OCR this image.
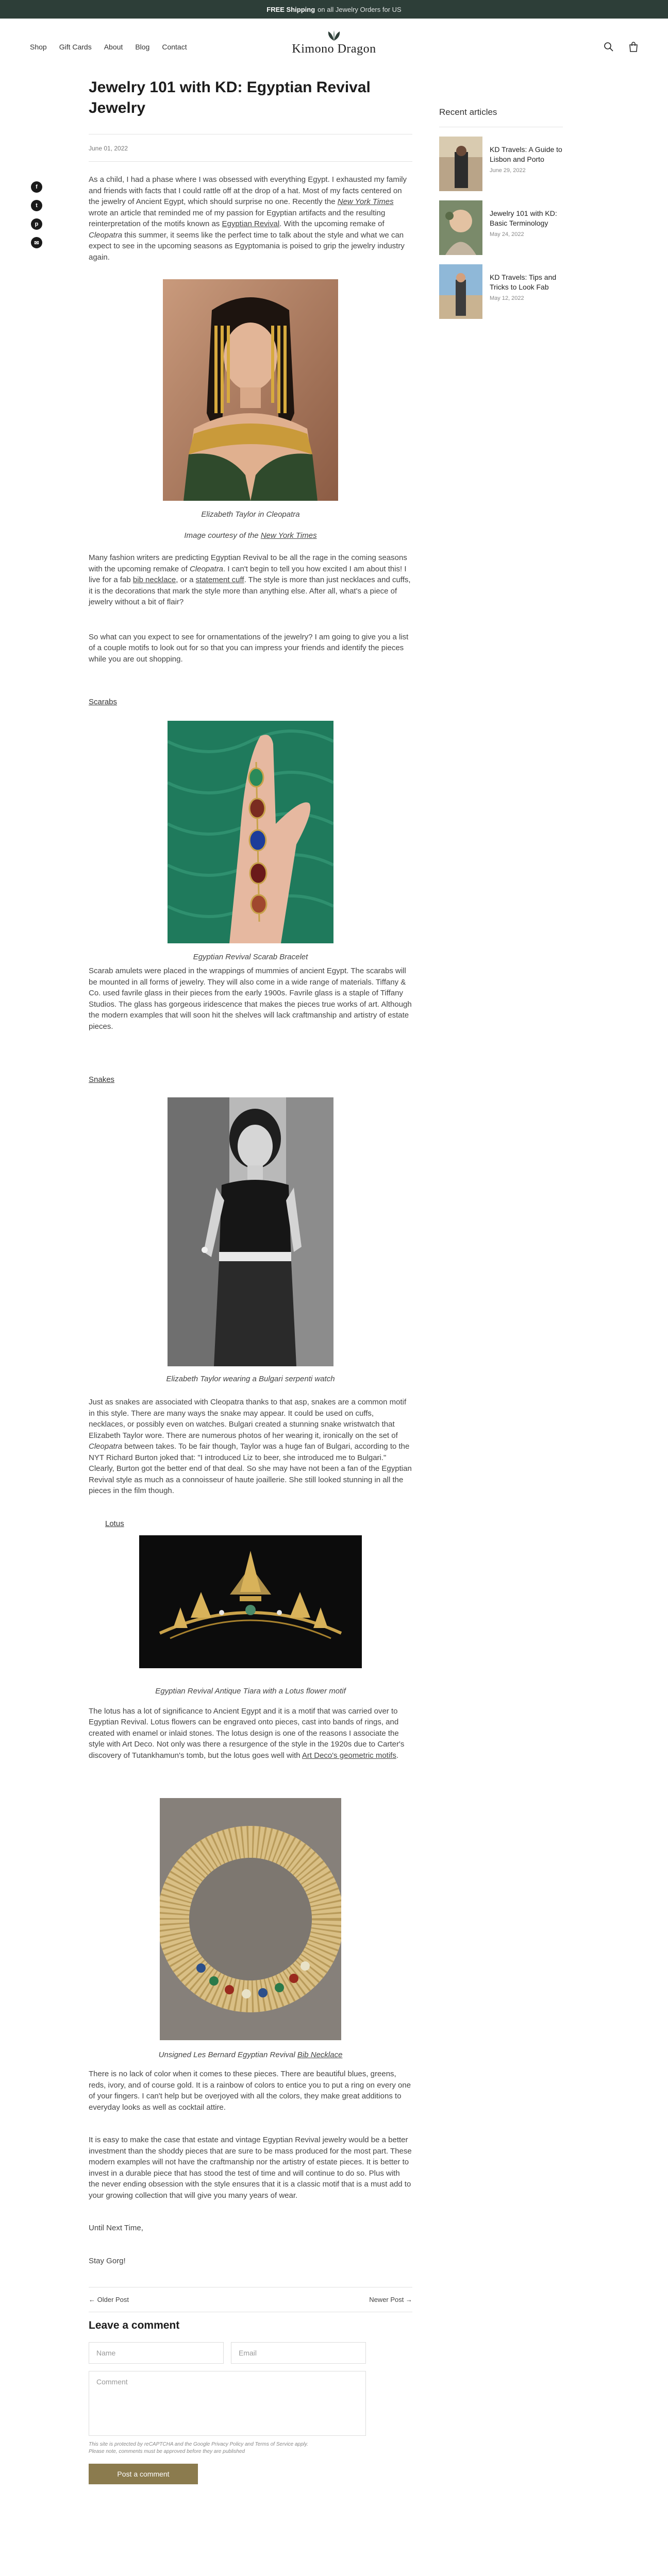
FREE Shipping on all Jewelry Orders for US
Shop Gift Cards About Blog Contact	Kimono Dragon
f
t
p
✉
Jewelry 101 with KD: Egyptian Revival Jewelry
June 01, 2022

As a child, I had a phase where I was obsessed with everything Egypt. I exhausted my family and friends with facts that I could rattle off at the drop of a hat. Most of my facts centered on the jewelry of Ancient Egypt, which should surprise no one. Recently the New York Times wrote an article that reminded me of my passion for Egyptian artifacts and the resulting reinterpretation of the motifs known as Egyptian Revival. With the upcoming remake of Cleopatra this summer, it seems like the perfect time to talk about the style and what we can expect to see in the upcoming seasons as Egyptomania is poised to grip the jewelry industry again.

Elizabeth Taylor in Cleopatra
Image courtesy of the New York Times

Many fashion writers are predicting Egyptian Revival to be all the rage in the coming seasons with the upcoming remake of Cleopatra. I can't begin to tell you how excited I am about this! I live for a fab bib necklace, or a statement cuff. The style is more than just necklaces and cuffs, it is the decorations that mark the style more than anything else. After all, what's a piece of jewelry without a bit of flair?

So what can you expect to see for ornamentations of the jewelry? I am going to give you a list of a couple motifs to look out for so that you can impress your friends and identify the pieces while you are out shopping.

Scarabs
Egyptian Revival Scarab Bracelet

Scarab amulets were placed in the wrappings of mummies of ancient Egypt. The scarabs will be mounted in all forms of jewelry. They will also come in a wide range of materials. Tiffany & Co. used favrile glass in their pieces from the early 1900s. Favrile glass is a staple of Tiffany Studios. The glass has gorgeous iridescence that makes the pieces true works of art. Although the modern examples that will soon hit the shelves will lack craftmanship and artistry of estate pieces.

Snakes
Elizabeth Taylor wearing a Bulgari serpenti watch

Just as snakes are associated with Cleopatra thanks to that asp, snakes are a common motif in this style. There are many ways the snake may appear. It could be used on cuffs, necklaces, or possibly even on watches. Bulgari created a stunning snake wristwatch that Elizabeth Taylor wore. There are numerous photos of her wearing it, ironically on the set of Cleopatra between takes. To be fair though, Taylor was a huge fan of Bulgari, according to the NYT Richard Burton joked that: "I introduced Liz to beer, she introduced me to Bulgari." Clearly, Burton got the better end of that deal. So she may have not been a fan of the Egyptian Revival style as much as a connoisseur of haute joaillerie. She still looked stunning in all the pieces in the film though.

Lotus
Egyptian Revival Antique Tiara with a Lotus flower motif

The lotus has a lot of significance to Ancient Egypt and it is a motif that was carried over to Egyptian Revival. Lotus flowers can be engraved onto pieces, cast into bands of rings, and created with enamel or inlaid stones. The lotus design is one of the reasons I associate the style with Art Deco. Not only was there a resurgence of the style in the 1920s due to Carter's discovery of Tutankhamun's tomb, but the lotus goes well with Art Deco's geometric motifs.

Unsigned Les Bernard Egyptian Revival Bib Necklace

There is no lack of color when it comes to these pieces. There are beautiful blues, greens, reds, ivory, and of course gold. It is a rainbow of colors to entice you to put a ring on every one of your fingers. I can't help but be overjoyed with all the colors, they make great additions to everyday looks as well as cocktail attire.

It is easy to make the case that estate and vintage Egyptian Revival jewelry would be a better investment than the shoddy pieces that are sure to be mass produced for the most part. These modern examples will not have the craftmanship nor the artistry of estate pieces. It is better to invest in a durable piece that has stood the test of time and will continue to do so. Plus with the never ending obsession with the style ensures that it is a classic motif that is a must add to your growing collection that will give you many years of wear.

Until Next Time,

Stay Gorg!

← Older Post	Newer Post →
Leave a comment
Name	Email
Comment
This site is protected by reCAPTCHA and the Google Privacy Policy and Terms of Service apply.
Please note, comments must be approved before they are published
Post a comment
Recent articles
KD Travels: A Guide to Lisbon and Porto
June 29, 2022
Jewelry 101 with KD: Basic Terminology
May 24, 2022
KD Travels: Tips and Tricks to Look Fab
May 12, 2022
